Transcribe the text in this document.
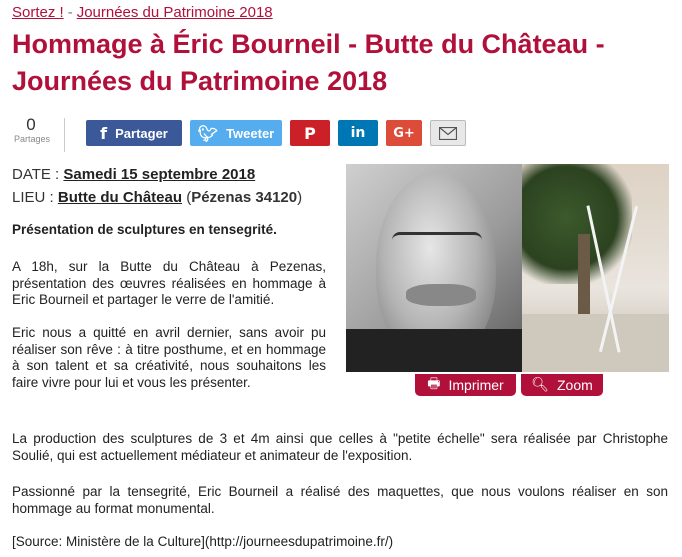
Sortez ! - Journées du Patrimoine 2018
Hommage à Éric Bourneil - Butte du Château - Journées du Patrimoine 2018
0
Partages	f Partager 🐦︎ Tweeter P in G+
DATE : Samedi 15 septembre 2018
LIEU : Butte du Château (Pézenas 34120)
🖶 Imprimer 🔍︎ Zoom
Présentation de sculptures en tensegrité.
A 18h, sur la Butte du Château à Pezenas, présentation des œuvres réalisées en hommage à Eric Bourneil et partager le verre de l'amitié.
Eric nous a quitté en avril dernier, sans avoir pu réaliser son rêve : à titre posthume, et en hommage à son talent et sa créativité, nous souhaitons les faire vivre pour lui et vous les présenter.
La production des sculptures de 3 et 4m ainsi que celles à "petite échelle" sera réalisée par Christophe Soulié, qui est actuellement médiateur et animateur de l'exposition.
Passionné par la tensegrité, Eric Bourneil a réalisé des maquettes, que nous voulons réaliser en son hommage au format monumental.
[Source: Ministère de la Culture](http://journeesdupatrimoine.fr/)
